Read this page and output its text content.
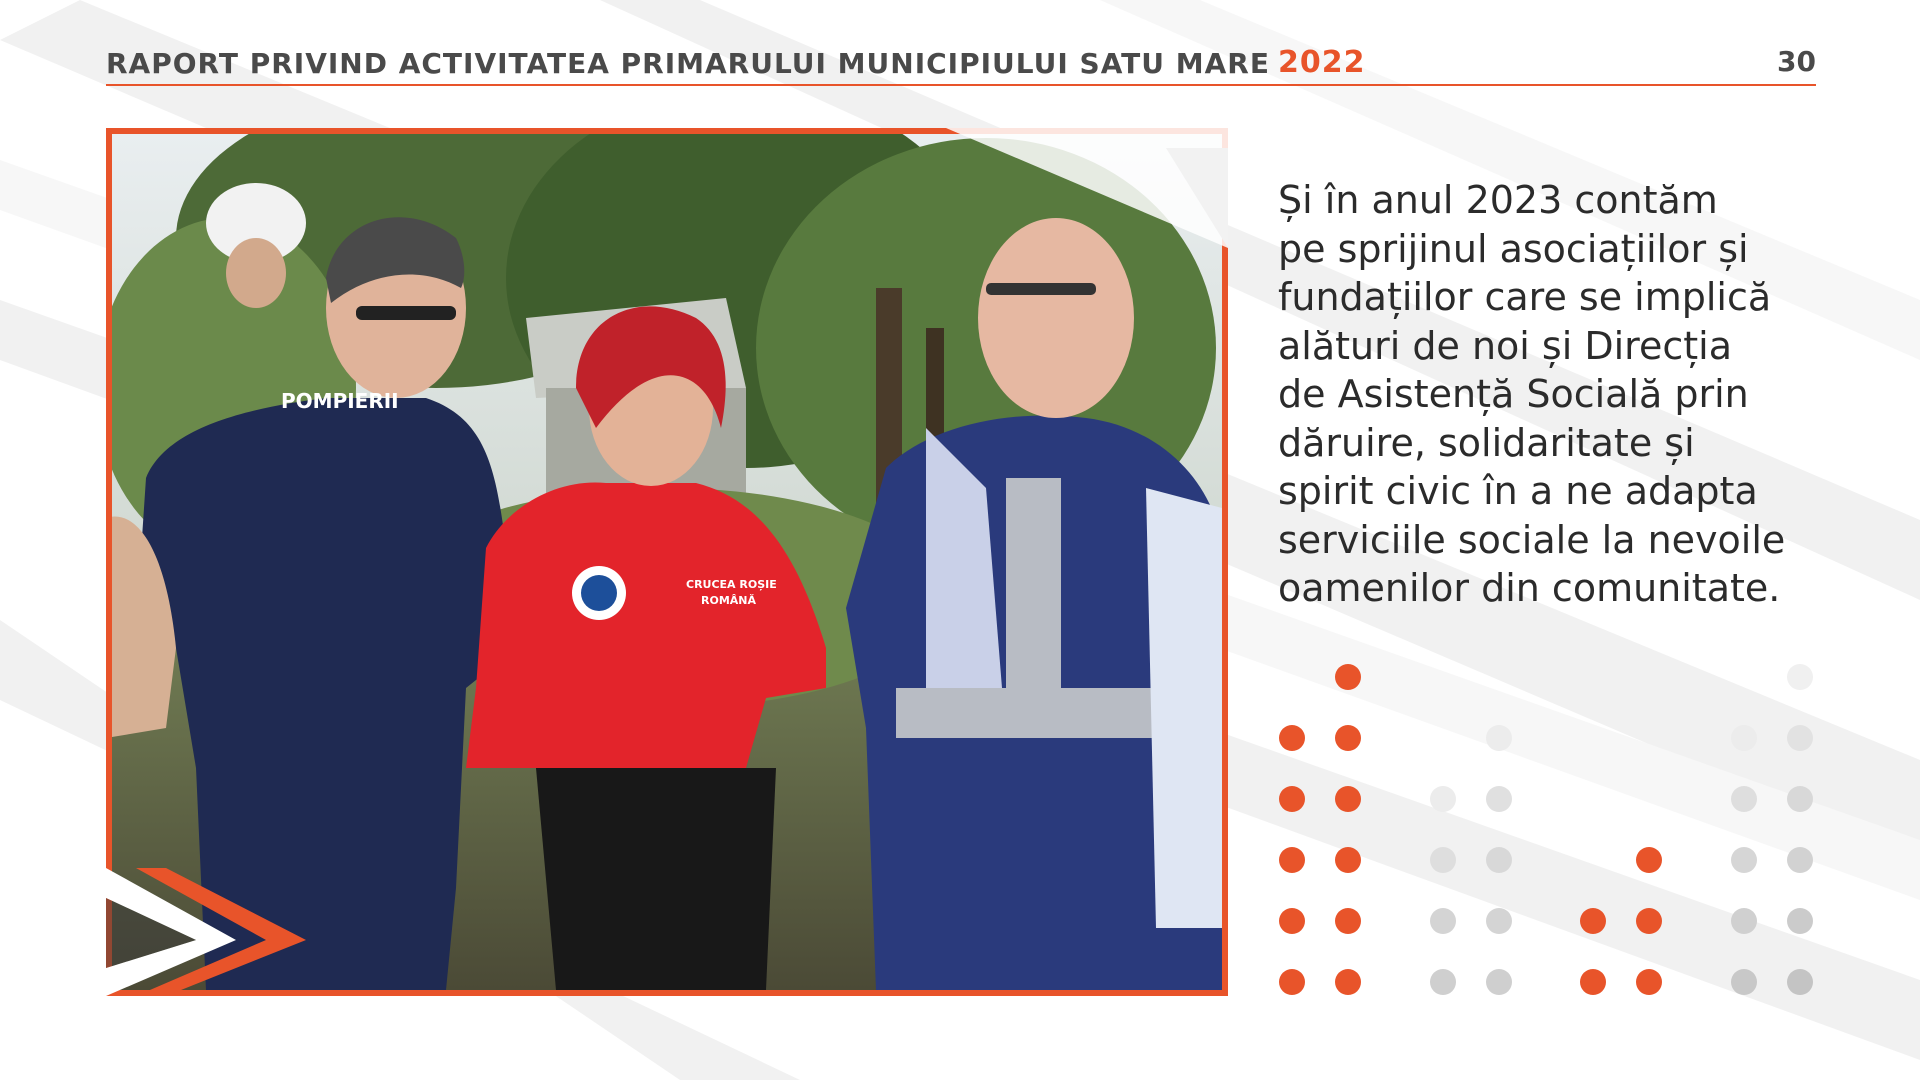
RAPORT PRIVIND ACTIVITATEA PRIMARULUI MUNICIPIULUI SATU MARE 2022	30
POMPIERII
CRUCEA ROȘIE
ROMÂNĂ
Și în anul 2023 contăm
pe sprijinul asociațiilor și
fundațiilor care se implică
alături de noi și Direcția
de Asistență Socială prin
dăruire, solidaritate și
spirit civic în a ne adapta
serviciile sociale la nevoile
oamenilor din comunitate.
